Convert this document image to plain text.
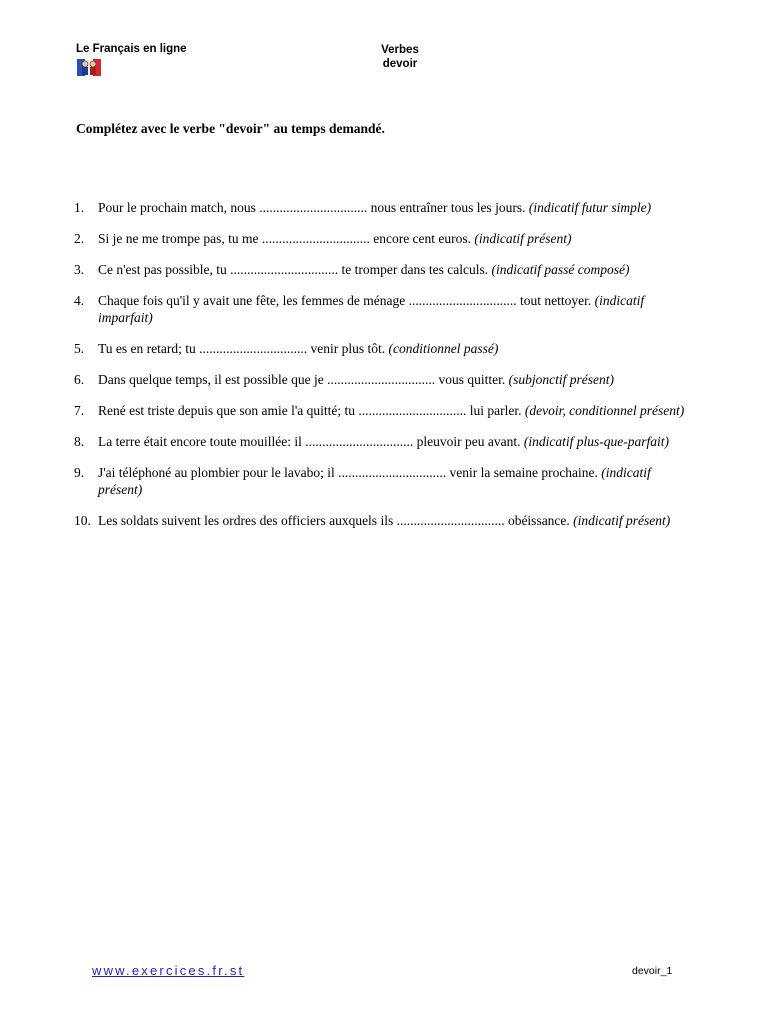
Le Français en ligne	Verbes
devoir
Complétez avec le verbe "devoir" au temps demandé.
1.	Pour le prochain match, nous ................................ nous entraîner tous les jours. (indicatif futur simple)
2.	Si je ne me trompe pas, tu me ................................ encore cent euros. (indicatif présent)
3.	Ce n'est pas possible, tu ................................ te tromper dans tes calculs. (indicatif passé composé)
4.	Chaque fois qu'il y avait une fête, les femmes de ménage ................................ tout nettoyer. (indicatif imparfait)
5.	Tu es en retard; tu ................................ venir plus tôt. (conditionnel passé)
6.	Dans quelque temps, il est possible que je ................................ vous quitter. (subjonctif présent)
7.	René est triste depuis que son amie l'a quitté; tu ................................ lui parler. (devoir, conditionnel présent)
8.	La terre était encore toute mouillée: il ................................ pleuvoir peu avant. (indicatif plus-que-parfait)
9.	J'ai téléphoné au plombier pour le lavabo; il ................................ venir la semaine prochaine. (indicatif présent)
10. Les soldats suivent les ordres des officiers auxquels ils ................................ obéissance. (indicatif présent)
www.exercices.fr.st	devoir_1
